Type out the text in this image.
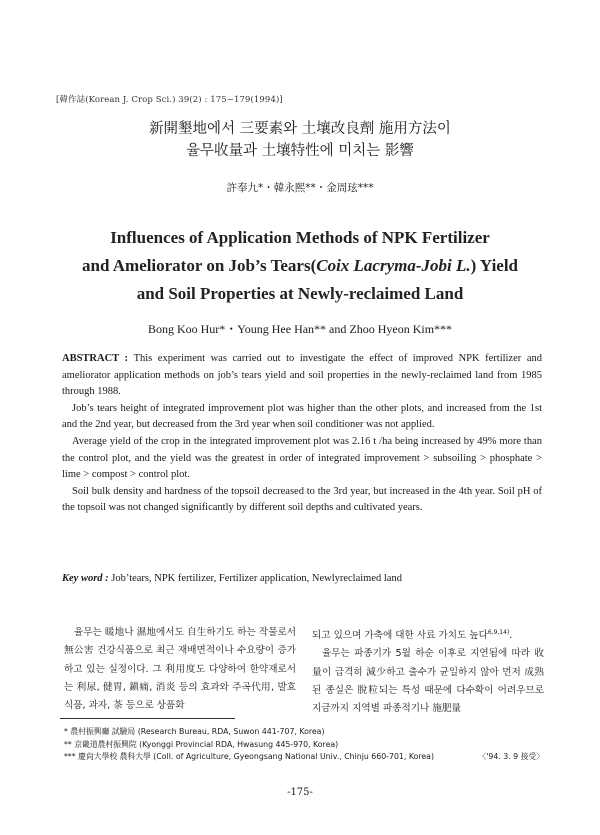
[韓作誌(Korean J. Crop Sci.) 39(2) : 175~179(1994)]
新開墾地에서 三要素와 土壤改良劑 施用方法이
율무收量과 土壤特性에 미치는 影響
許奉九*・韓永熙**・金周玹***
Influences of Application Methods of NPK Fertilizer
and Ameliorator on Job’s Tears(Coix Lacryma-Jobi L.) Yield
and Soil Properties at Newly-reclaimed Land
Bong Koo Hur*・Young Hee Han** and Zhoo Hyeon Kim***

ABSTRACT : This experiment was carried out to investigate the effect of improved NPK fertilizer and ameliorator application methods on job’s tears yield and soil properties in the newly-reclaimed land from 1985 through 1988.

Job’s tears height of integrated improvement plot was higher than the other plots, and increased from the 1st and the 2nd year, but decreased from the 3rd year when soil conditioner was not applied.

Average yield of the crop in the integrated improvement plot was 2.16 t /ha being increased by 49% more than the control plot, and the yield was the greatest in order of integrated improvement > subsoiling > phosphate > lime > compost > control plot.

Soil bulk density and hardness of the topsoil decreased to the 3rd year, but increased in the 4th year. Soil pH of the topsoil was not changed significantly by different soil depths and cultivated years.

Key word : Job’tears, NPK fertilizer, Fertilizer application, Newlyreclaimed land

율무는 暖地나 濕地에서도 自生하기도 하는 작물로서 無公害 건강식품으로 최근 재배면적이나 수요량이 증가하고 있는 실정이다. 그 利用度도 다양하여 한약재로서는 利尿, 健胃, 鎭痛, 消炎 등의 효과와 주곡代用, 발효식품, 과자, 茶 등으로 상품화

되고 있으며 가축에 대한 사료 가치도 높다$^{6,9,14)}$.

율무는 파종기가 5월 하순 이후로 지연됨에 따라 收量이 급격히 減少하고 출수가 균일하지 않아 먼저 成熟된 종실은 脫粒되는 특성 때문에 다수확이 어려우므로 지금까지 지역별 파종적기나 施肥量

* 農村振興廳 試驗局 (Research Bureau, RDA, Suwon 441-707, Korea)

** 京畿道農村振興院 (Kyonggi Provincial RDA, Hwasung 445-970, Korea)

*** 慶尙大學校 農科大學 (Coll. of Agriculture, Gyeongsang National Univ., Chinju 660-701, Korea)	〈'94. 3. 9 接受〉
-175-
